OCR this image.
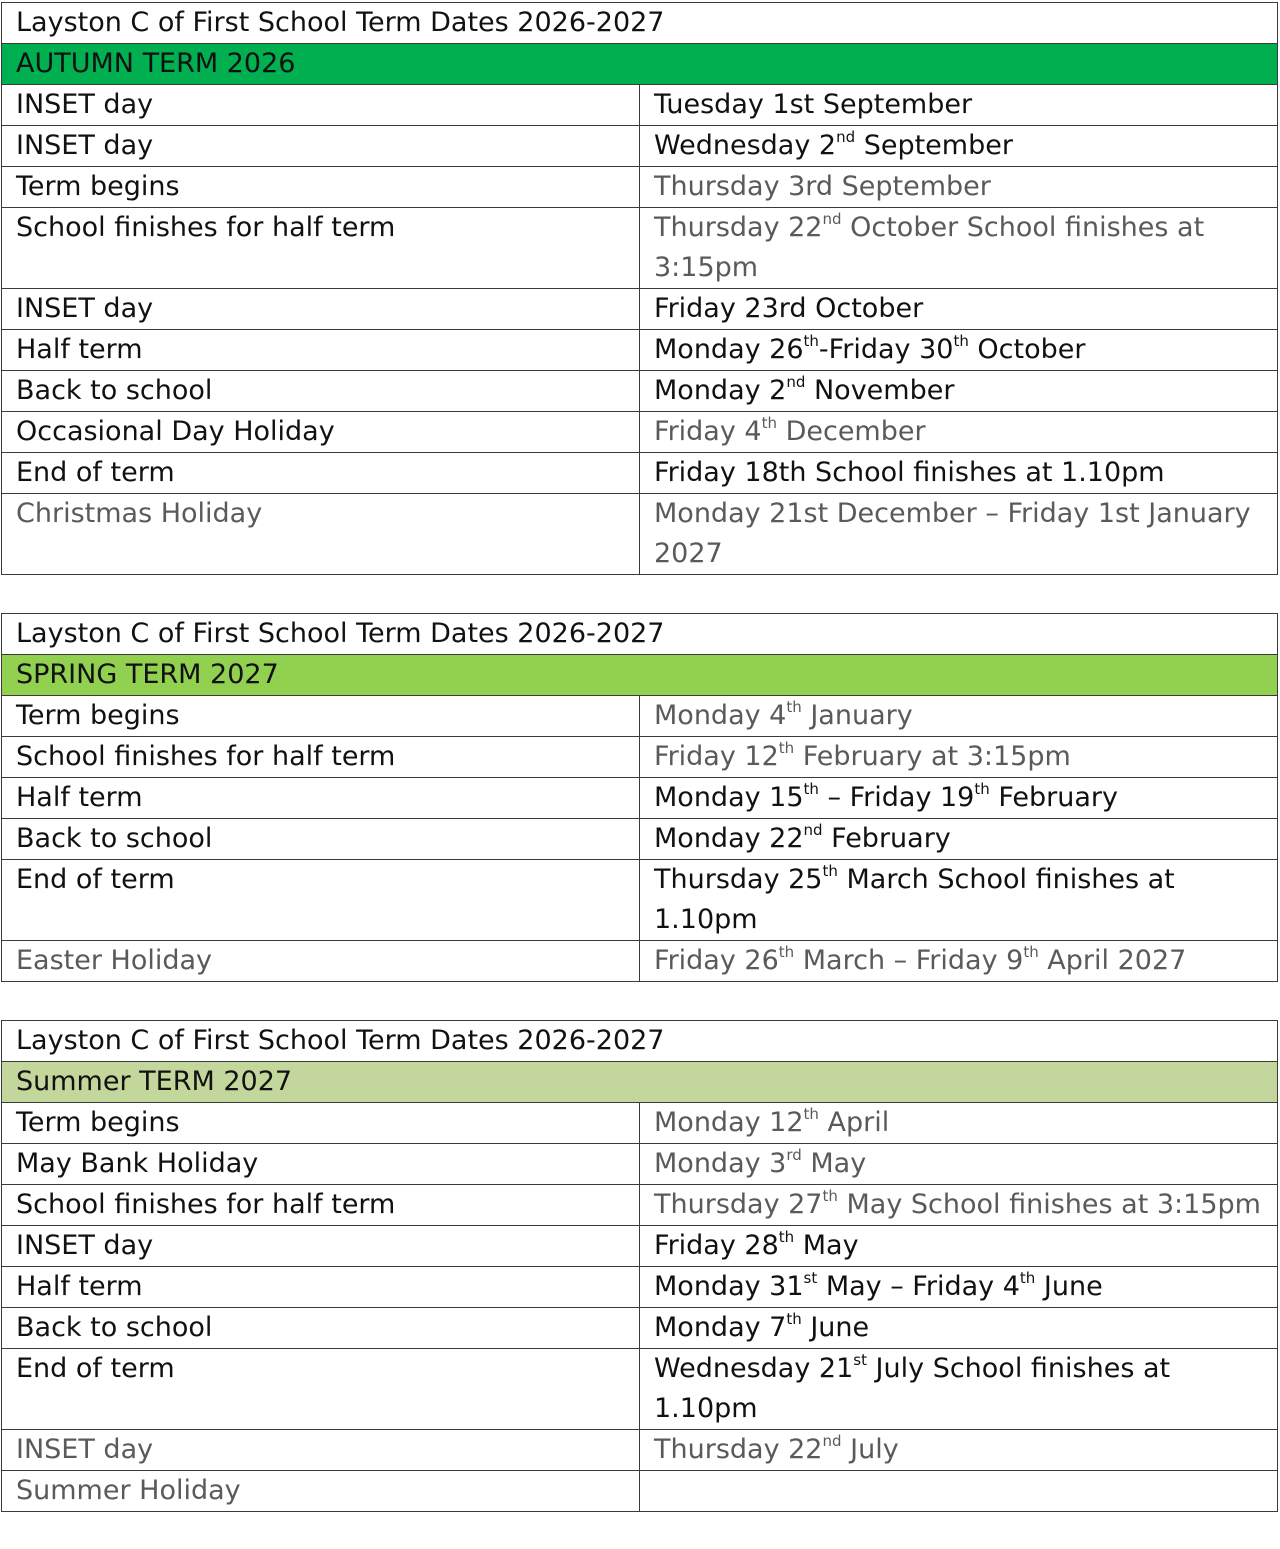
Layston C of First School Term Dates 2026-2027	
AUTUMN TERM 2026	
INSET day	Tuesday 1st September
INSET day	Wednesday 2nd September
Term begins	Thursday 3rd September
School finishes for half term	Thursday 22nd October School finishes at 3:15pm
INSET day	Friday 23rd October
Half term	Monday 26th-Friday 30th October
Back to school	Monday 2nd November
Occasional Day Holiday	Friday 4th December
End of term	Friday 18th School finishes at 1.10pm
Christmas Holiday	Monday 21st December – Friday 1st January 2027
Layston C of First School Term Dates 2026-2027	
SPRING TERM 2027	
Term begins	Monday 4th January
School finishes for half term	Friday 12th February at 3:15pm
Half term	Monday 15th – Friday 19th February
Back to school	Monday 22nd February
End of term	Thursday 25th March School finishes at 1.10pm
Easter Holiday	Friday 26th March – Friday 9th April 2027
Layston C of First School Term Dates 2026-2027	
Summer TERM 2027	
Term begins	Monday 12th April
May Bank Holiday	Monday 3rd May
School finishes for half term	Thursday 27th May School finishes at 3:15pm
INSET day	Friday 28th May
Half term	Monday 31st May – Friday 4th June
Back to school	Monday 7th June
End of term	Wednesday 21st July School finishes at 1.10pm
INSET day	Thursday 22nd July
Summer Holiday	
